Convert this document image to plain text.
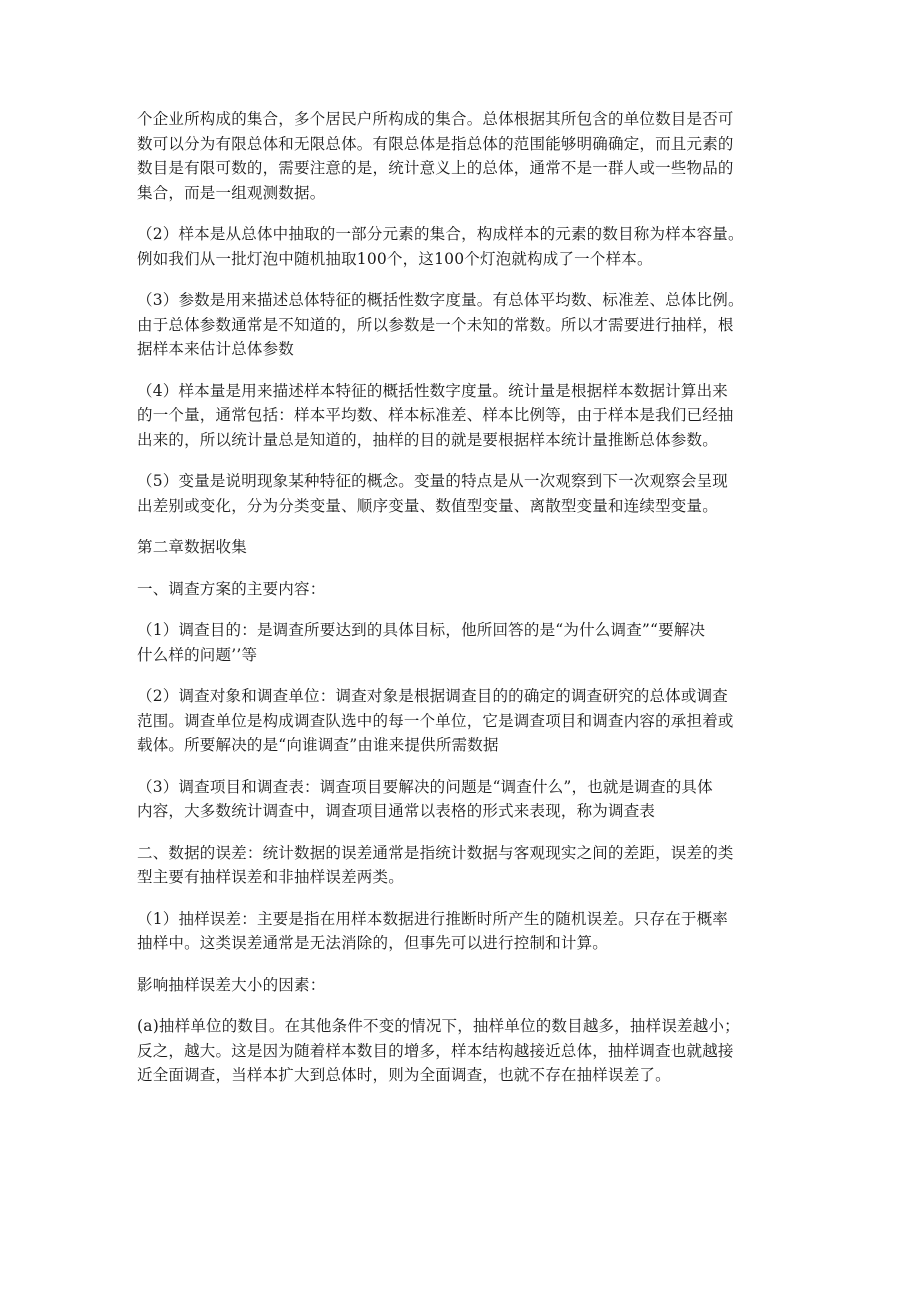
个企业所构成的集合，多个居民户所构成的集合。总体根据其所包含的单位数目是否可
数可以分为有限总体和无限总体。有限总体是指总体的范围能够明确确定，而且元素的
数目是有限可数的，需要注意的是，统计意义上的总体，通常不是一群人或一些物品的
集合，而是一组观测数据。

（2）样本是从总体中抽取的一部分元素的集合，构成样本的元素的数目称为样本容量。
例如我们从一批灯泡中随机抽取100个，这100个灯泡就构成了一个样本。

（3）参数是用来描述总体特征的概括性数字度量。有总体平均数、标准差、总体比例。
由于总体参数通常是不知道的，所以参数是一个未知的常数。所以才需要进行抽样，根
据样本来估计总体参数

（4）样本量是用来描述样本特征的概括性数字度量。统计量是根据样本数据计算出来
的一个量，通常包括：样本平均数、样本标准差、样本比例等，由于样本是我们已经抽
出来的，所以统计量总是知道的，抽样的目的就是要根据样本统计量推断总体参数。

（5）变量是说明现象某种特征的概念。变量的特点是从一次观察到下一次观察会呈现
出差别或变化，分为分类变量、顺序变量、数值型变量、离散型变量和连续型变量。

第二章数据收集

一、调查方案的主要内容：

（1）调查目的：是调查所要达到的具体目标，他所回答的是“为什么调查”“要解决
什么样的问题’’等

（2）调查对象和调查单位：调查对象是根据调查目的的确定的调查研究的总体或调查
范围。调查单位是构成调查队选中的每一个单位，它是调查项目和调查内容的承担着或
载体。所要解决的是“向谁调查”由谁来提供所需数据

（3）调查项目和调查表：调查项目要解决的问题是“调查什么”，也就是调查的具体
内容，大多数统计调查中，调查项目通常以表格的形式来表现，称为调查表

二、数据的误差：统计数据的误差通常是指统计数据与客观现实之间的差距，误差的类
型主要有抽样误差和非抽样误差两类。

（1）抽样误差：主要是指在用样本数据进行推断时所产生的随机误差。只存在于概率
抽样中。这类误差通常是无法消除的，但事先可以进行控制和计算。

影响抽样误差大小的因素：

(a)抽样单位的数目。在其他条件不变的情况下，抽样单位的数目越多，抽样误差越小；
反之，越大。这是因为随着样本数目的增多，样本结构越接近总体，抽样调查也就越接
近全面调查，当样本扩大到总体时，则为全面调查，也就不存在抽样误差了。
